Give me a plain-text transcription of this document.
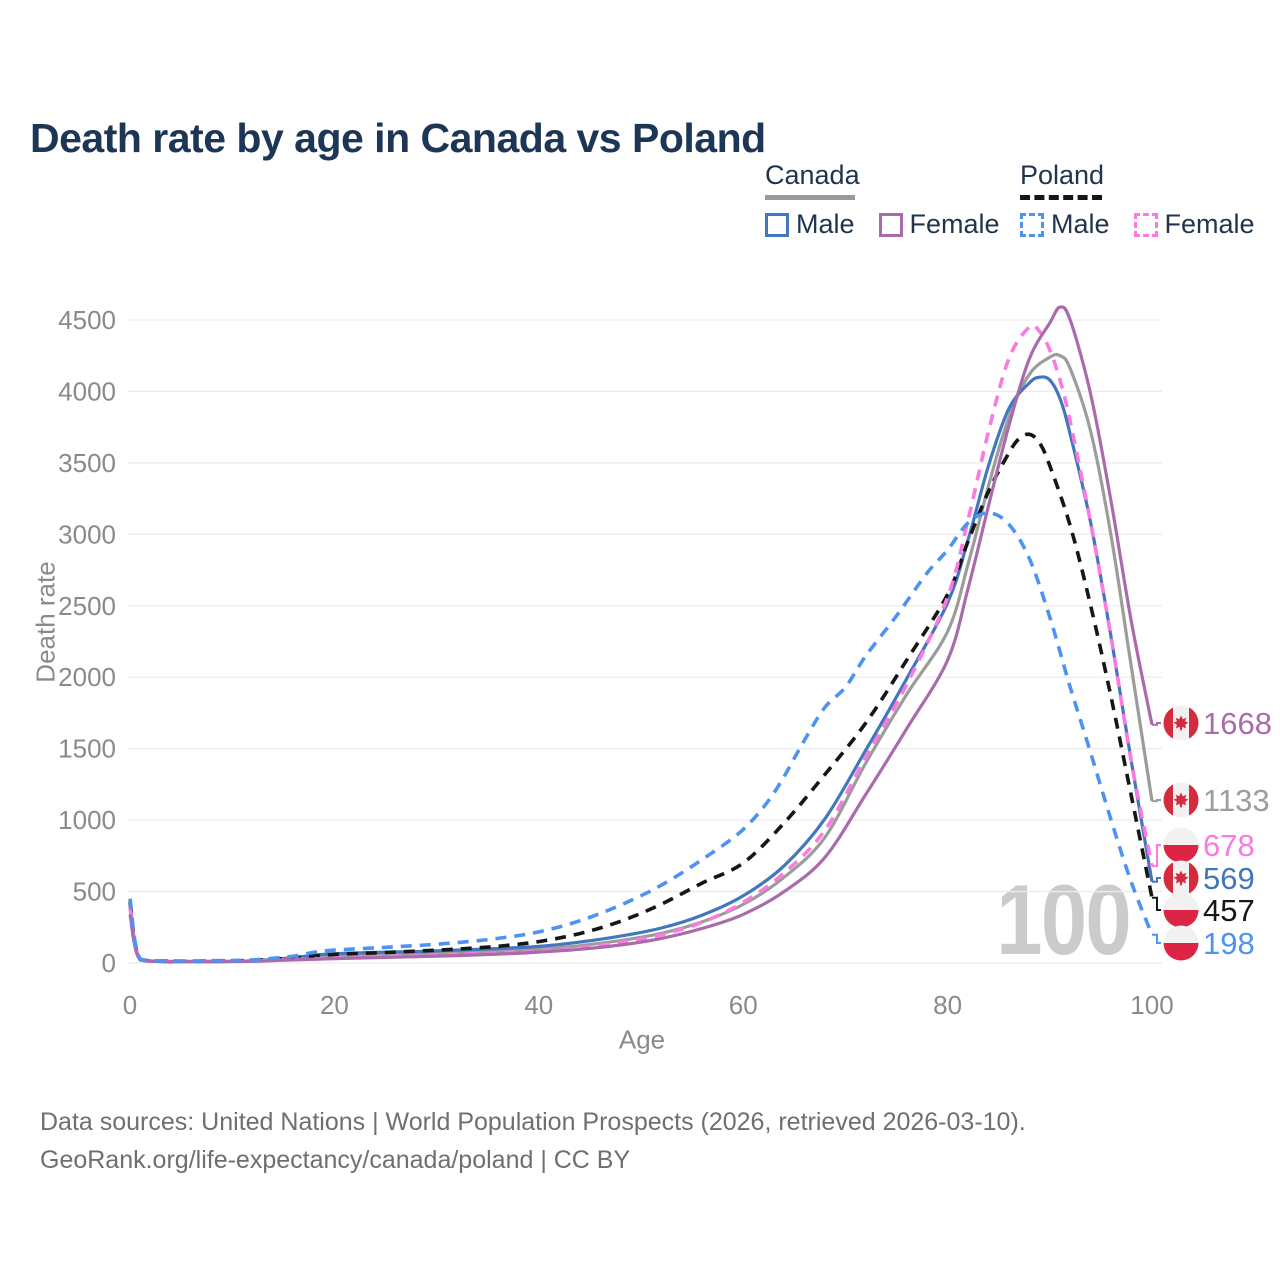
Death rate by age in Canada vs Poland
Canada
Male Female
Poland
Male Female
Death rate
Age
100
0
500
1000
1500
2000
2500
3000
3500
4000
4500
0	20	40	60	80	100
1668
1133
678
569
457
198
Data sources: United Nations | World Population Prospects (2026, retrieved 2026-03-10).
GeoRank.org/life-expectancy/canada/poland | CC BY
